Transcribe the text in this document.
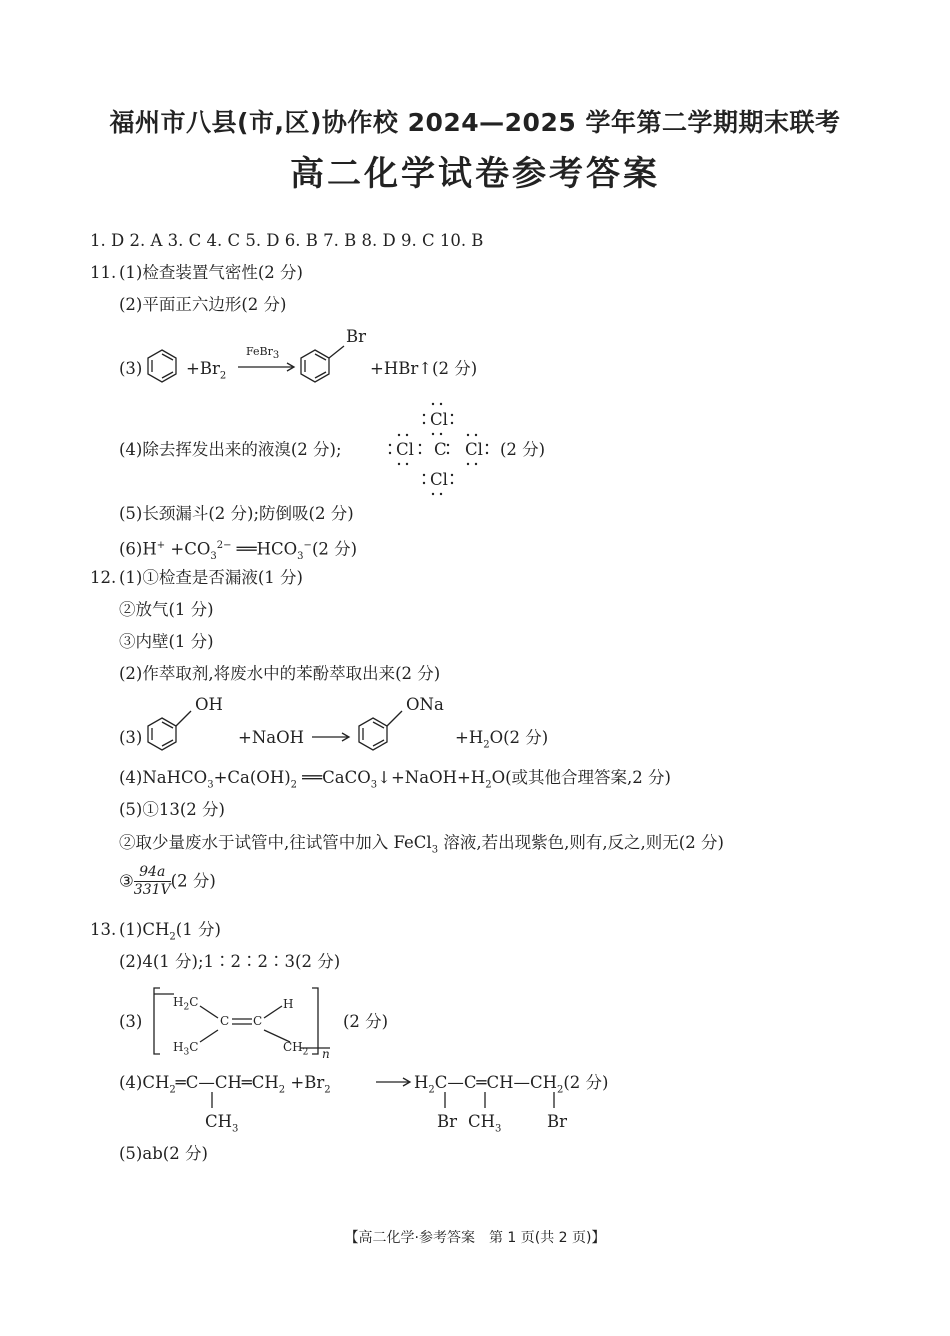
福州市八县(市,区)协作校 2024—2025 学年第二学期期末联考
高二化学试卷参考答案
1. D 2. A 3. C 4. C 5. D 6. B 7. B 8. D 9. C 10. B
11. (1)检查装置气密性(2 分)
(2)平面正六边形(2 分)
(3)	$+Br_2$
FeBr$_3$
Br
+HBr↑(2 分)
(4)除去挥发出来的液溴(2 分);
Cl
Cl C Cl
Cl
(2 分)
(5)长颈漏斗(2 分);防倒吸(2 分)
$(6)H^+ +CO_3^{2-}$ $══HCO_3^-(2$ 分)
12. (1)①检查是否漏液(1 分)
②放气(1 分)
③内壁(1 分)
(2)作萃取剂,将废水中的苯酚萃取出来(2 分)
(3)
OH
+NaOH →
ONa
$+H_2O(2$ 分)
$(4)NaHCO_3+Ca(OH)_2$ $══CaCO_3↓+NaOH+H_2O$(或其他合理答案,2 分)
(5)①13(2 分)
②取少量废水于试管中,往试管中加入 FeCl$_3$ 溶液,若出现紫色,则有,反之,则无(2 分)
③ $\frac{94a}{331V} (2$ 分)
13. $(1)CH_2(1$ 分)
(2)4(1 分);1∶2∶2∶3(2 分)
(3)
$H_2C$
$H_3C$
C C
H
$CH_2$ n
(2 分)
$(4)CH_2═C—CH═CH_2 +Br_2$
$CH_3$
$H_2C—C═CH—CH_2(2$ 分)
Br $CH_3$	Br
(5)ab(2 分)
【高二化学·参考答案　第 1 页(共 2 页)】
